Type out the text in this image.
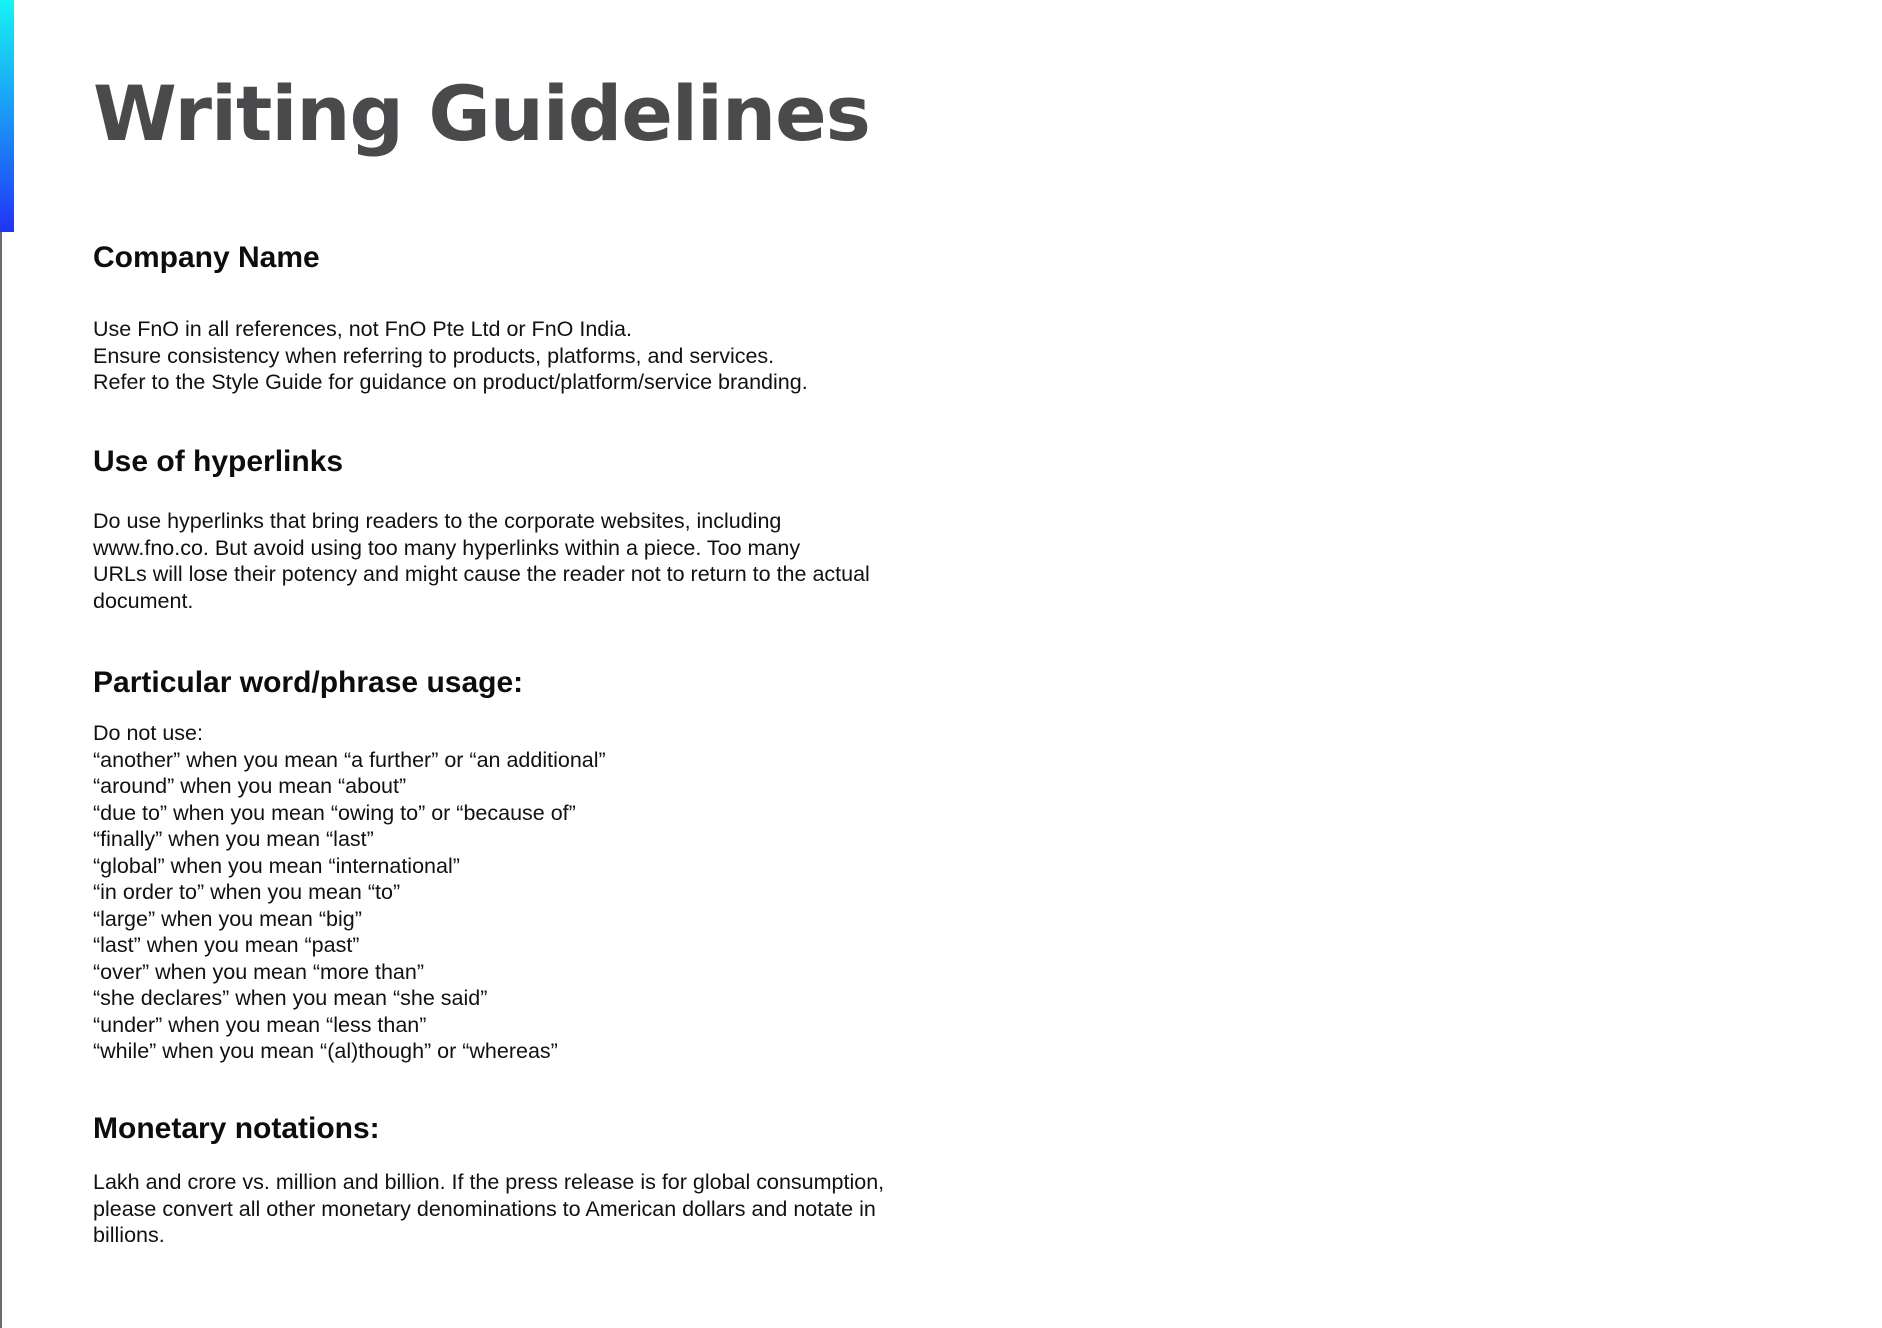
Writing Guidelines
Company Name
Use FnO in all references, not FnO Pte Ltd or FnO India.
Ensure consistency when referring to products, platforms, and services.
Refer to the Style Guide for guidance on product/platform/service branding.
Use of hyperlinks
Do use hyperlinks that bring readers to the corporate websites, including
www.fno.co. But avoid using too many hyperlinks within a piece. Too many
URLs will lose their potency and might cause the reader not to return to the actual
document.
Particular word/phrase usage:
Do not use:
“another” when you mean “a further” or “an additional”
“around” when you mean “about”
“due to” when you mean “owing to” or “because of”
“finally” when you mean “last”
“global” when you mean “international”
“in order to” when you mean “to”
“large” when you mean “big”
“last” when you mean “past”
“over” when you mean “more than”
“she declares” when you mean “she said”
“under” when you mean “less than”
“while” when you mean “(al)though” or “whereas”
Monetary notations:
Lakh and crore vs. million and billion. If the press release is for global consumption,
please convert all other monetary denominations to American dollars and notate in
billions.
